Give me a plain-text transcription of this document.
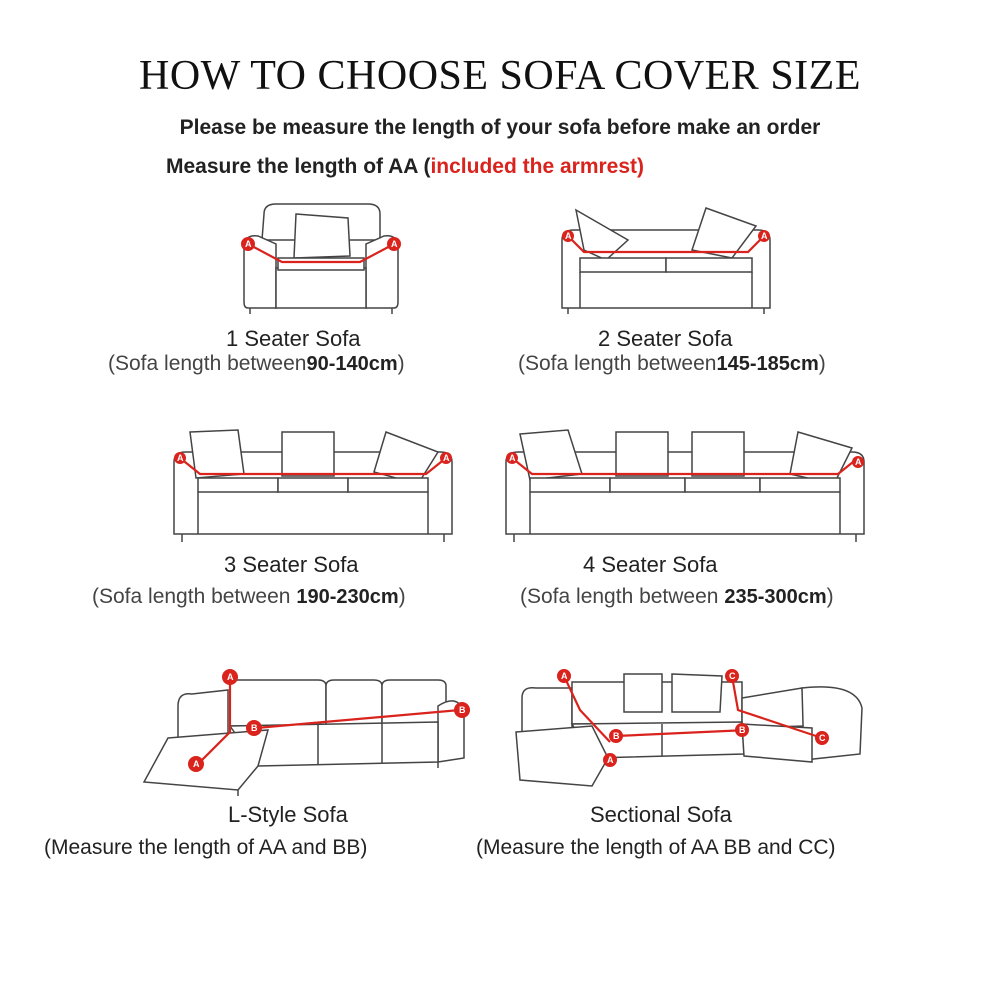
HOW TO CHOOSE SOFA COVER SIZE
Please be measure the length of your sofa before make an order
Measure the length of AA (included the armrest)
A	A
1 Seater Sofa
(Sofa length between90-140cm)
A	A
2 Seater Sofa
(Sofa length between145-185cm)
A	A
3 Seater Sofa
(Sofa length between 190-230cm)
A	A
4 Seater Sofa
(Sofa length between 235-300cm)
A
A
B
B
L-Style Sofa
(Measure the length of AA and BB)
A
A
B
B
C
C
Sectional Sofa
(Measure the length of AA BB and CC)
